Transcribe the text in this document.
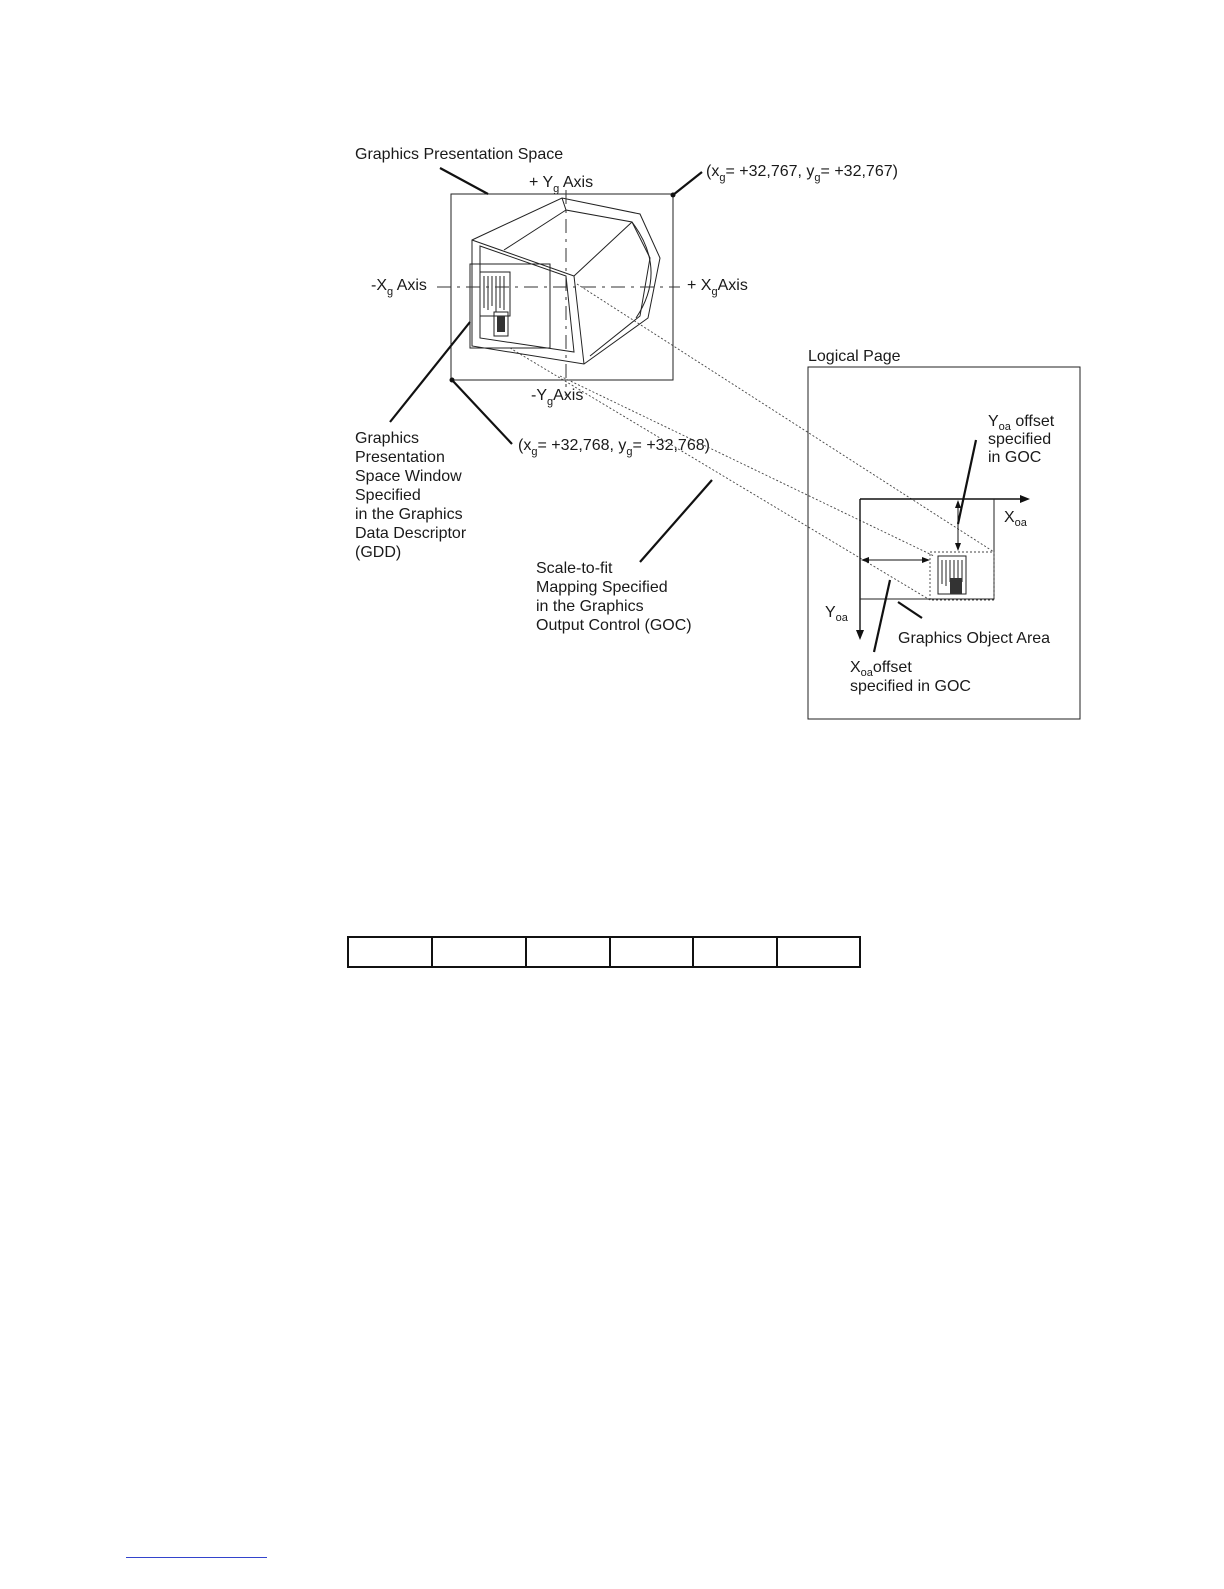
Graphics Presentation Space
+ $Y_g$ Axis
$-X_g$ Axis	+ $X_gAxis$
$-Y_gAxis$
($x_g= +32,767$, $y_g= +32,767$)
($x_g= +32,768$, $y_g= +32,768$)
Graphics
Presentation
Space Window
Specified
in the Graphics
Data Descriptor
(GDD)
Scale-to-fit
Mapping Specified
in the Graphics
Output Control (GOC)
Logical Page
$Y_{oa}$ offset
specified
in GOC
$X_{oa}$
$Y_{oa}$
Graphics Object Area
$X_{oa}offset$
specified in GOC
